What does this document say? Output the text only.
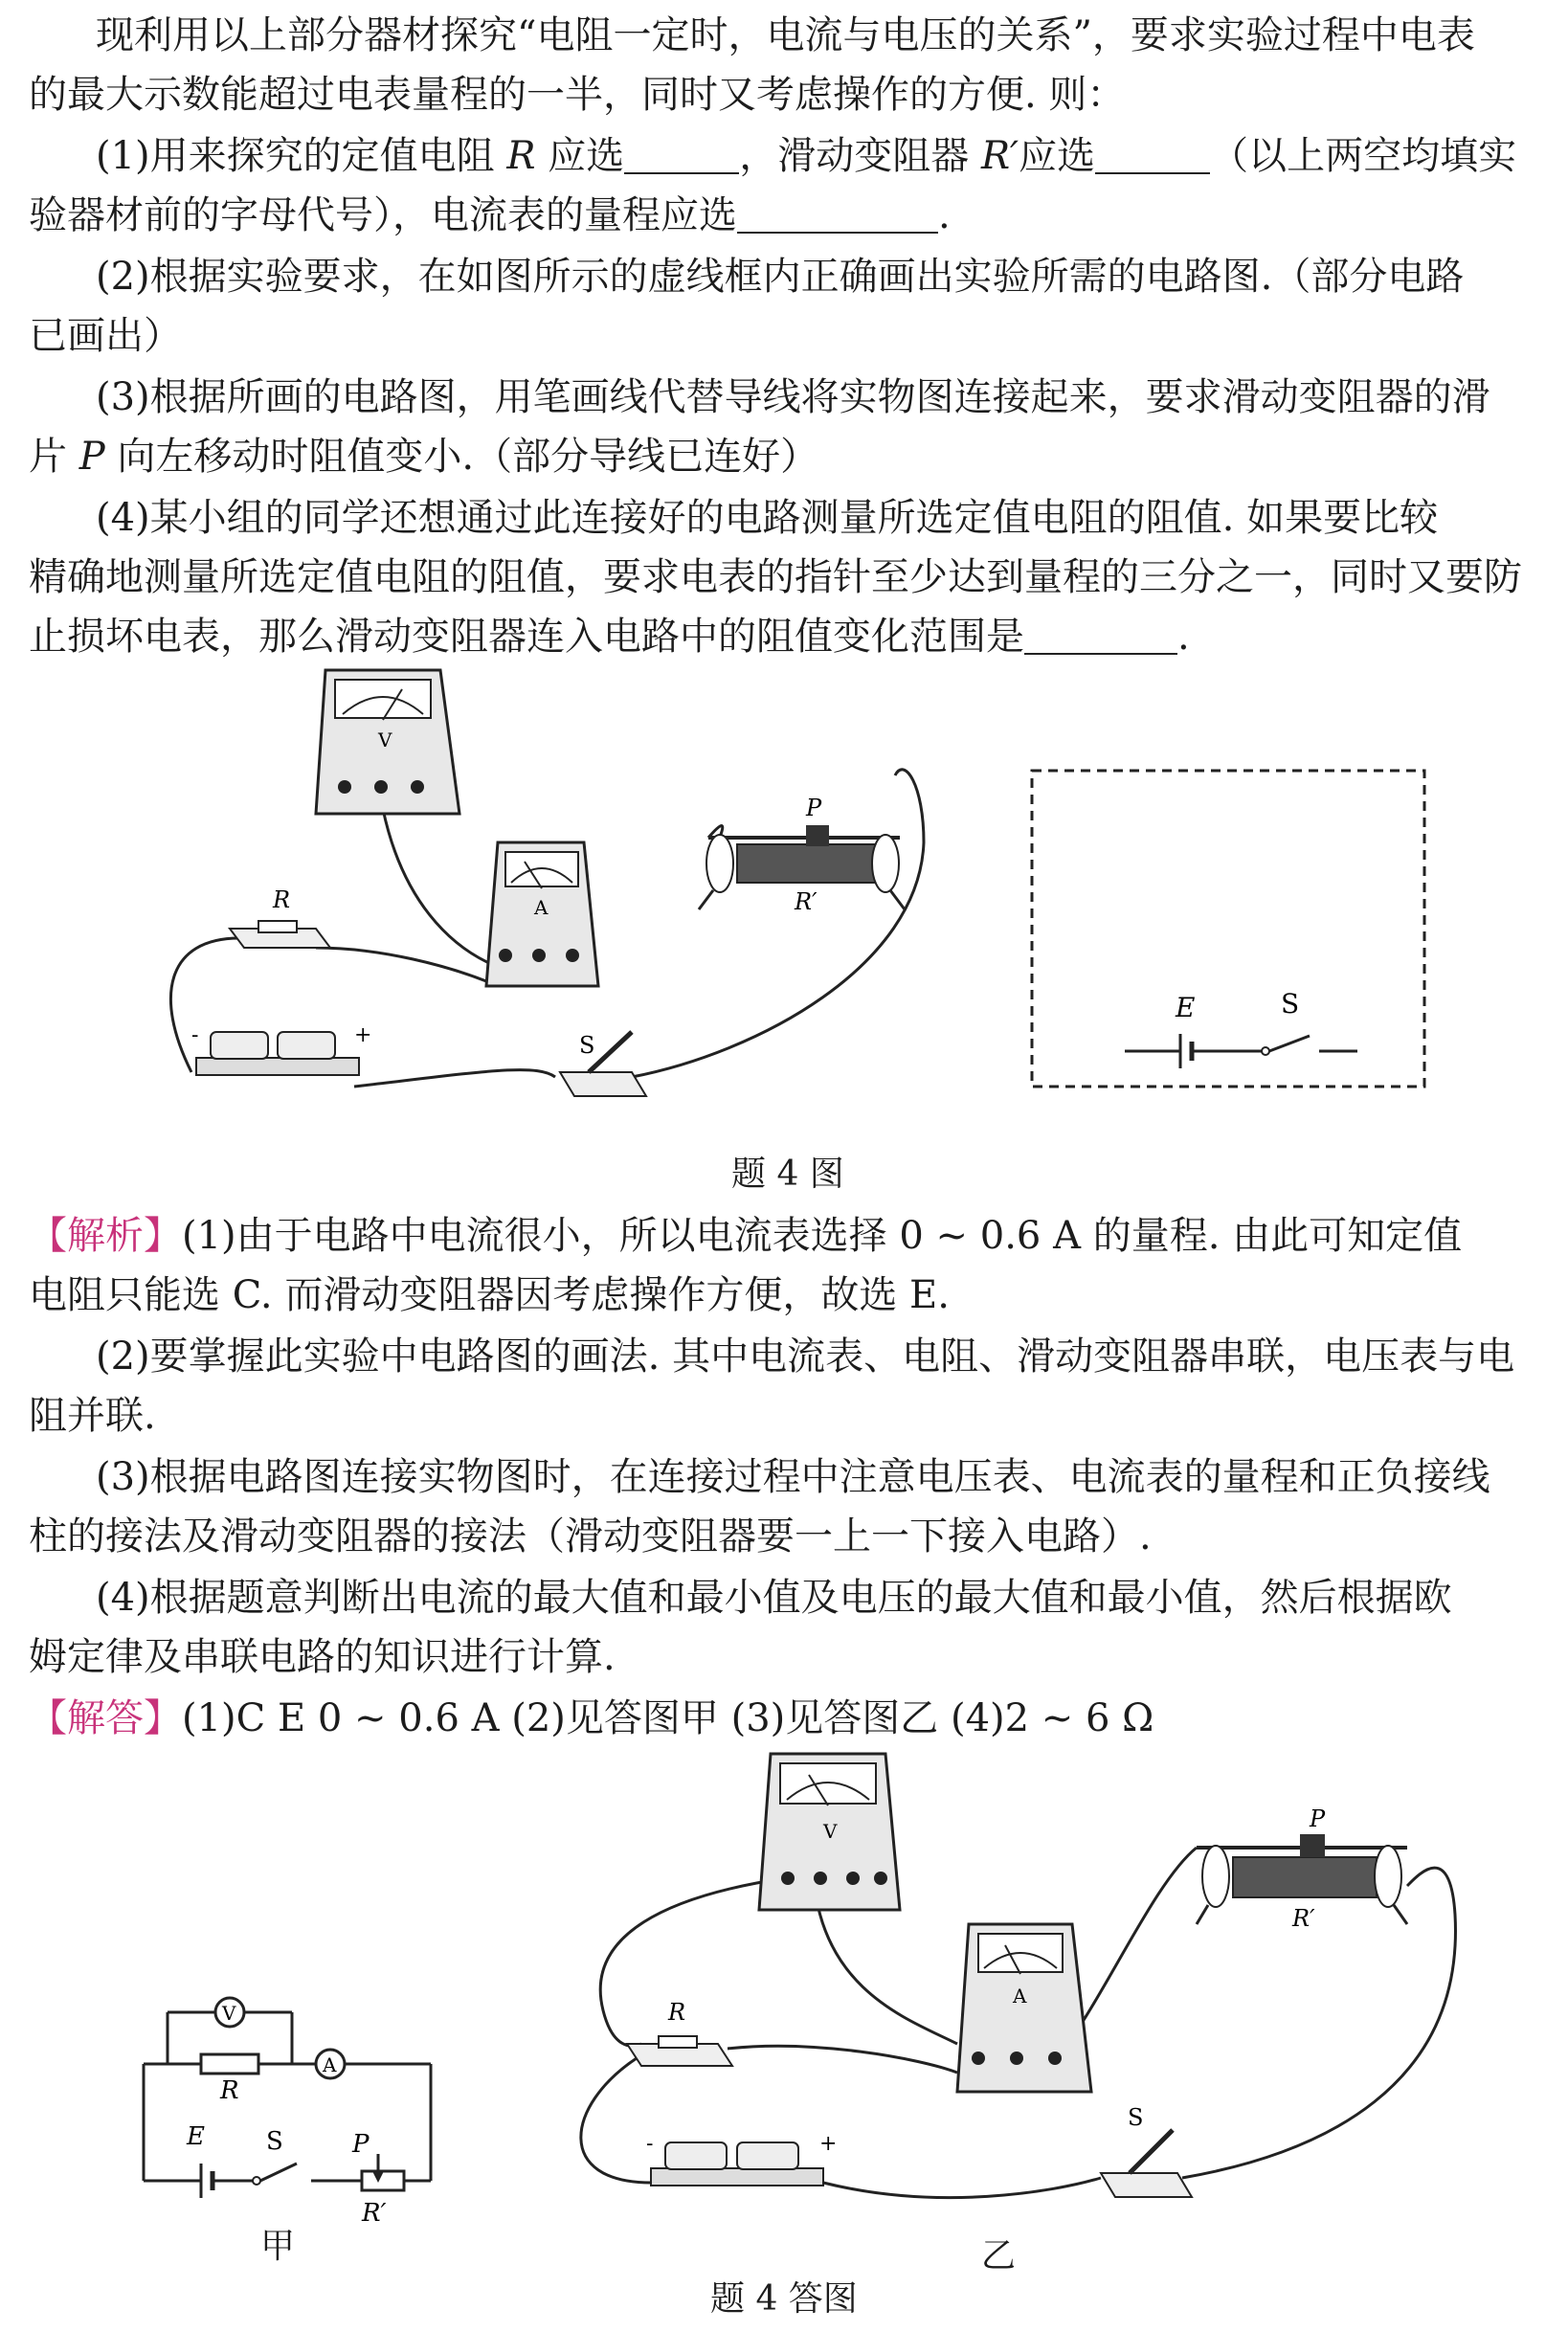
现利用以上部分器材探究“电阻一定时，电流与电压的关系”，要求实验过程中电表
的最大示数能超过电表量程的一半，同时又考虑操作的方便. 则：
(1)用来探究的定值电阻 R 应选	，滑动变阻器 R′应选	（以上两空均填实
验器材前的字母代号），电流表的量程应选	.
(2)根据实验要求，在如图所示的虚线框内正确画出实验所需的电路图.（部分电路
已画出）
(3)根据所画的电路图，用笔画线代替导线将实物图连接起来，要求滑动变阻器的滑
片 P 向左移动时阻值变小.（部分导线已连好）
(4)某小组的同学还想通过此连接好的电路测量所选定值电阻的阻值. 如果要比较
精确地测量所选定值电阻的阻值，要求电表的指针至少达到量程的三分之一，同时又要防
止损坏电表，那么滑动变阻器连入电路中的阻值变化范围是	.
V
A
R
P
R′
-	+	S
E	S
题 4 图
【解析】(1)由于电路中电流很小，所以电流表选择 0 ~ 0.6 A 的量程. 由此可知定值
电阻只能选 C. 而滑动变阻器因考虑操作方便，故选 E.
(2)要掌握此实验中电路图的画法. 其中电流表、电阻、滑动变阻器串联，电压表与电
阻并联.
(3)根据电路图连接实物图时，在连接过程中注意电压表、电流表的量程和正负接线
柱的接法及滑动变阻器的接法（滑动变阻器要一上一下接入电路）.
(4)根据题意判断出电流的最大值和最小值及电压的最大值和最小值，然后根据欧
姆定律及串联电路的知识进行计算.
【解答】(1)C E 0 ~ 0.6 A (2)见答图甲 (3)见答图乙 (4)2 ~ 6 Ω
V
A
R
E S	P
R′
V
A
R
P
R′
-	+
S
甲	乙
题 4 答图
